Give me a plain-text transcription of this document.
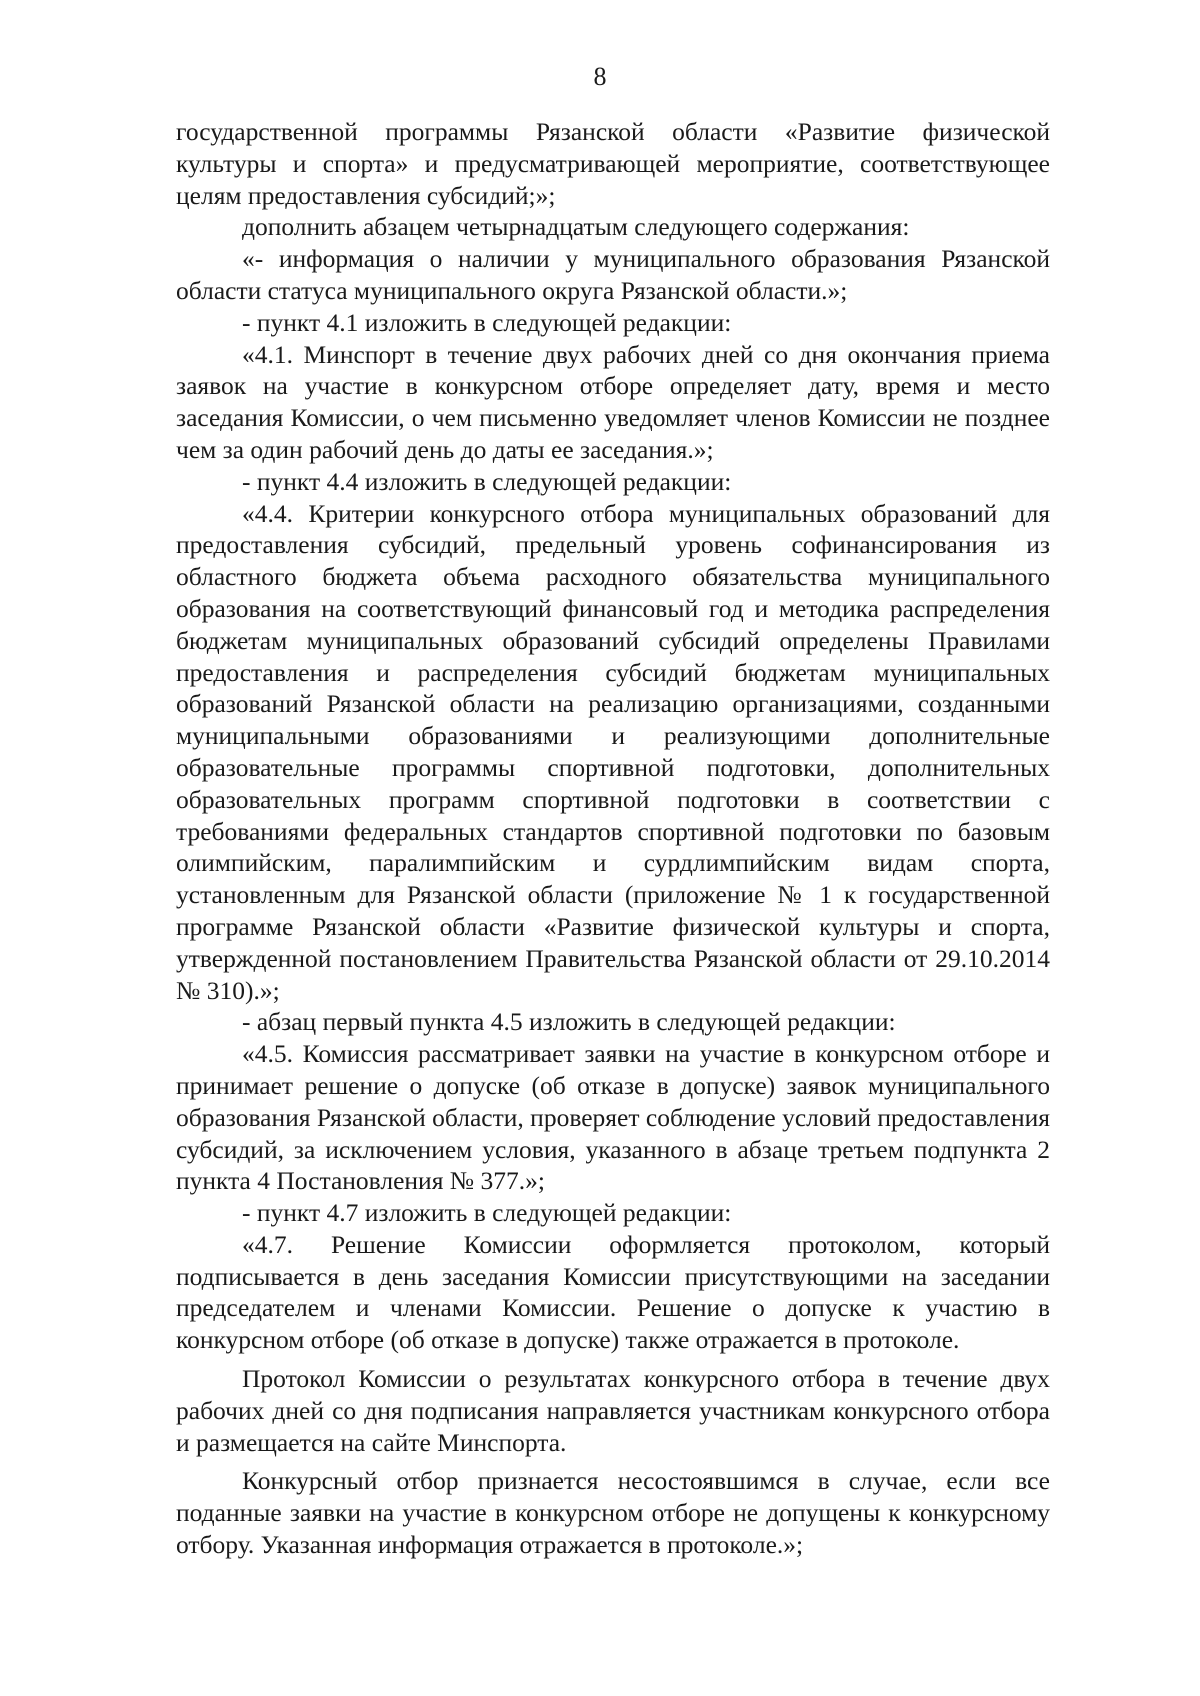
8

государственной программы Рязанской области «Развитие физической культуры и спорта» и предусматривающей мероприятие, соответствующее целям предоставления субсидий;»;

дополнить абзацем четырнадцатым следующего содержания:

«- информация о наличии у муниципального образования Рязанской области статуса муниципального округа Рязанской области.»;

- пункт 4.1 изложить в следующей редакции:

«4.1. Минспорт в течение двух рабочих дней со дня окончания приема заявок на участие в конкурсном отборе определяет дату, время и место заседания Комиссии, о чем письменно уведомляет членов Комиссии не позднее чем за один рабочий день до даты ее заседания.»;

- пункт 4.4 изложить в следующей редакции:

«4.4. Критерии конкурсного отбора муниципальных образований для предоставления субсидий, предельный уровень софинансирования из областного бюджета объема расходного обязательства муниципального образования на соответствующий финансовый год и методика распределения бюджетам муниципальных образований субсидий определены Правилами предоставления и распределения субсидий бюджетам муниципальных образований Рязанской области на реализацию организациями, созданными муниципальными образованиями и реализующими дополнительные образовательные программы спортивной подготовки, дополнительных образовательных программ спортивной подготовки в соответствии с требованиями федеральных стандартов спортивной подготовки по базовым олимпийским, паралимпийским и сурдлимпийским видам спорта, установленным для Рязанской области (приложение № 1 к государственной программе Рязанской области «Развитие физической культуры и спорта, утвержденной постановлением Правительства Рязанской области от 29.10.2014 № 310).»;

- абзац первый пункта 4.5 изложить в следующей редакции:

«4.5. Комиссия рассматривает заявки на участие в конкурсном отборе и принимает решение о допуске (об отказе в допуске) заявок муниципального образования Рязанской области, проверяет соблюдение условий предоставления субсидий, за исключением условия, указанного в абзаце третьем подпункта 2 пункта 4 Постановления № 377.»;

- пункт 4.7 изложить в следующей редакции:

«4.7. Решение Комиссии оформляется протоколом, который подписывается в день заседания Комиссии присутствующими на заседании председателем и членами Комиссии. Решение о допуске к участию в конкурсном отборе (об отказе в допуске) также отражается в протоколе.

Протокол Комиссии о результатах конкурсного отбора в течение двух рабочих дней со дня подписания направляется участникам конкурсного отбора и размещается на сайте Минспорта.

Конкурсный отбор признается несостоявшимся в случае, если все поданные заявки на участие в конкурсном отборе не допущены к конкурсному отбору. Указанная информация отражается в протоколе.»;
